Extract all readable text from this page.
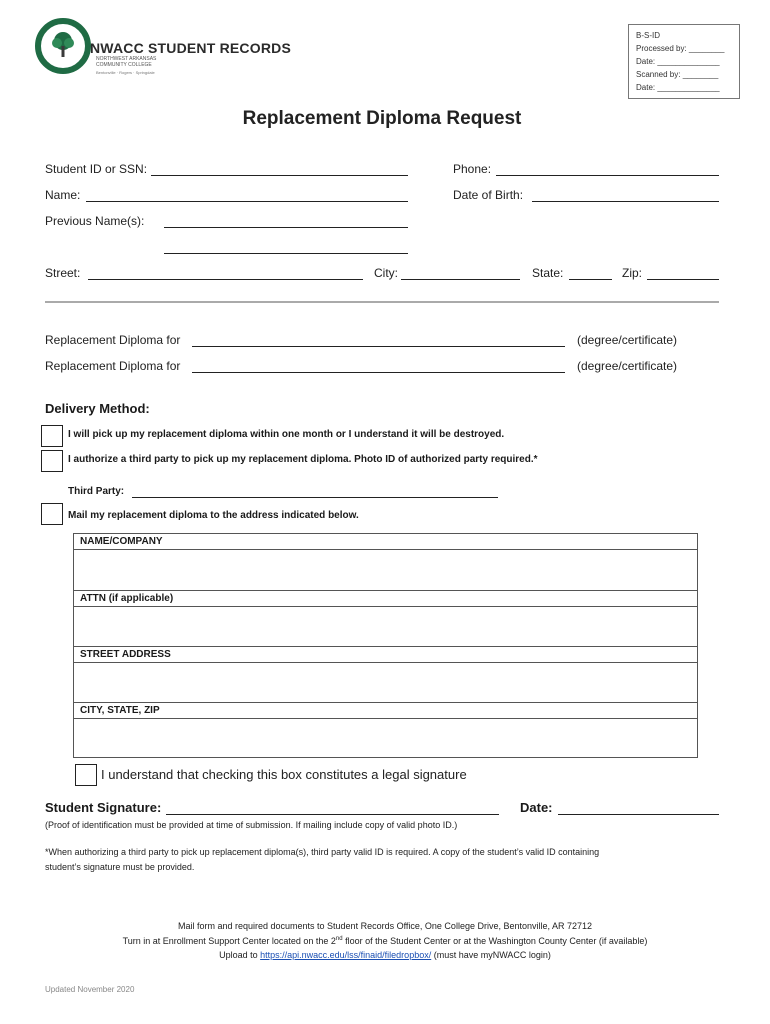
NWACC STUDENT RECORDS
NORTHWEST ARKANSAS COMMUNITY COLLEGE
Bentonville · Rogers · Springdale
B-S-ID
Processed by: ________
Date: ______________
Scanned by: ________
Date: ______________
Replacement Diploma Request
Student ID or SSN:	Phone:
Name:	Date of Birth:
Previous Name(s):
Street:	City:	State:	Zip:
Replacement Diploma for	(degree/certificate)
Replacement Diploma for	(degree/certificate)
Delivery Method:
I will pick up my replacement diploma within one month or I understand it will be destroyed.
I authorize a third party to pick up my replacement diploma. Photo ID of authorized party required.*
Third Party:
Mail my replacement diploma to the address indicated below.
NAME/COMPANY
ATTN (if applicable)
STREET ADDRESS
CITY, STATE, ZIP
I understand that checking this box constitutes a legal signature
Student Signature:	Date:
(Proof of identification must be provided at time of submission. If mailing include copy of valid photo ID.)
*When authorizing a third party to pick up replacement diploma(s), third party valid ID is required. A copy of the student’s valid ID containing
student’s signature must be provided.
Mail form and required documents to Student Records Office, One College Drive, Bentonville, AR 72712
Turn in at Enrollment Support Center located on the 2nd floor of the Student Center or at the Washington County Center (if available)
Upload to https://api.nwacc.edu/lss/finaid/filedropbox/ (must have myNWACC login)
Updated November 2020
